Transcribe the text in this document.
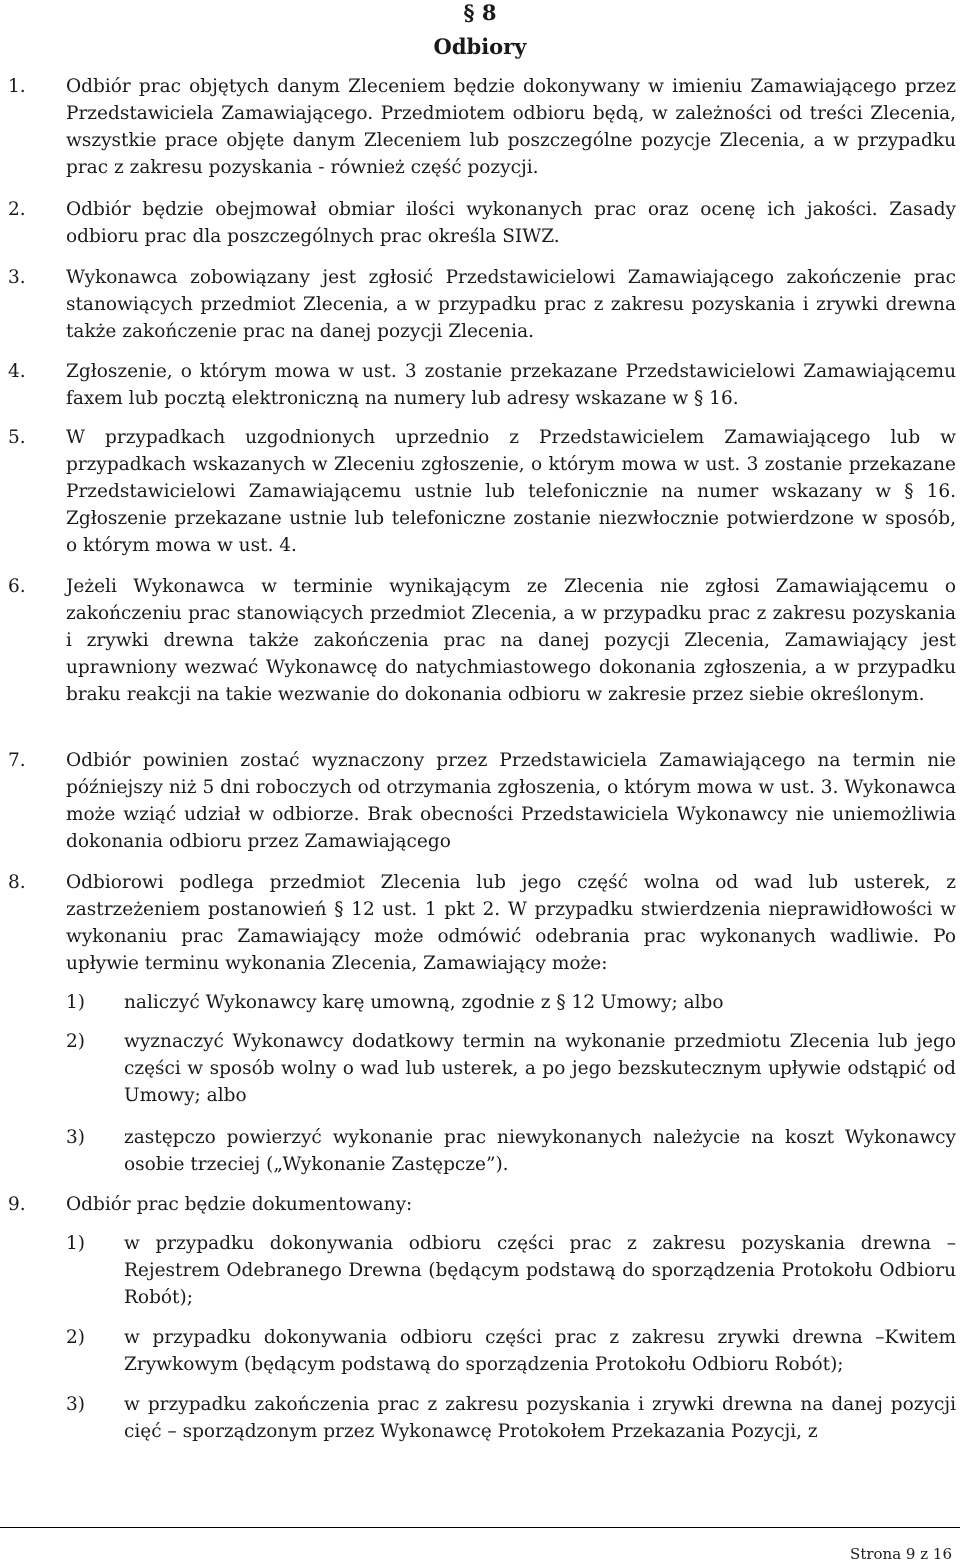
§ 8
Odbiory
1. Odbiór prac objętych danym Zleceniem będzie dokonywany w imieniu Zamawiającego przez Przedstawiciela Zamawiającego. Przedmiotem odbioru będą, w zależności od treści Zlecenia, wszystkie prace objęte danym Zleceniem lub poszczególne pozycje Zlecenia, a w przypadku prac z zakresu pozyskania - również część pozycji.
2. Odbiór będzie obejmował obmiar ilości wykonanych prac oraz ocenę ich jakości. Zasady odbioru prac dla poszczególnych prac określa SIWZ.
3. Wykonawca zobowiązany jest zgłosić Przedstawicielowi Zamawiającego zakończenie prac stanowiących przedmiot Zlecenia, a w przypadku prac z zakresu pozyskania i zrywki drewna także zakończenie prac na danej pozycji Zlecenia.
4. Zgłoszenie, o którym mowa w ust. 3 zostanie przekazane Przedstawicielowi Zamawiającemu faxem lub pocztą elektroniczną na numery lub adresy wskazane w § 16.
5. W przypadkach uzgodnionych uprzednio z Przedstawicielem Zamawiającego lub w przypadkach wskazanych w Zleceniu zgłoszenie, o którym mowa w ust. 3 zostanie przekazane Przedstawicielowi Zamawiającemu ustnie lub telefonicznie na numer wskazany w § 16. Zgłoszenie przekazane ustnie lub telefoniczne zostanie niezwłocznie potwierdzone w sposób, o którym mowa w ust. 4.
6. Jeżeli Wykonawca w terminie wynikającym ze Zlecenia nie zgłosi Zamawiającemu o zakończeniu prac stanowiących przedmiot Zlecenia, a w przypadku prac z zakresu pozyskania i zrywki drewna także zakończenia prac na danej pozycji Zlecenia, Zamawiający jest uprawniony wezwać Wykonawcę do natychmiastowego dokonania zgłoszenia, a w przypadku braku reakcji na takie wezwanie do dokonania odbioru w zakresie przez siebie określonym.
7. Odbiór powinien zostać wyznaczony przez Przedstawiciela Zamawiającego na termin nie późniejszy niż 5 dni roboczych od otrzymania zgłoszenia, o którym mowa w ust. 3. Wykonawca może wziąć udział w odbiorze. Brak obecności Przedstawiciela Wykonawcy nie uniemożliwia dokonania odbioru przez Zamawiającego
8. Odbiorowi podlega przedmiot Zlecenia lub jego część wolna od wad lub usterek, z zastrzeżeniem postanowień § 12 ust. 1 pkt 2. W przypadku stwierdzenia nieprawidłowości w wykonaniu prac Zamawiający może odmówić odebrania prac wykonanych wadliwie. Po upływie terminu wykonania Zlecenia, Zamawiający może:
1) naliczyć Wykonawcy karę umowną, zgodnie z § 12 Umowy; albo
2) wyznaczyć Wykonawcy dodatkowy termin na wykonanie przedmiotu Zlecenia lub jego części w sposób wolny o wad lub usterek, a po jego bezskutecznym upływie odstąpić od Umowy; albo
3) zastępczo powierzyć wykonanie prac niewykonanych należycie na koszt Wykonawcy osobie trzeciej („Wykonanie Zastępcze”).
9. Odbiór prac będzie dokumentowany:
1) w przypadku dokonywania odbioru części prac z zakresu pozyskania drewna – Rejestrem Odebranego Drewna (będącym podstawą do sporządzenia Protokołu Odbioru Robót);
2) w przypadku dokonywania odbioru części prac z zakresu zrywki drewna –Kwitem Zrywkowym (będącym podstawą do sporządzenia Protokołu Odbioru Robót);
3) w przypadku zakończenia prac z zakresu pozyskania i zrywki drewna na danej pozycji cięć – sporządzonym przez Wykonawcę Protokołem Przekazania Pozycji, z
Strona 9 z 16
